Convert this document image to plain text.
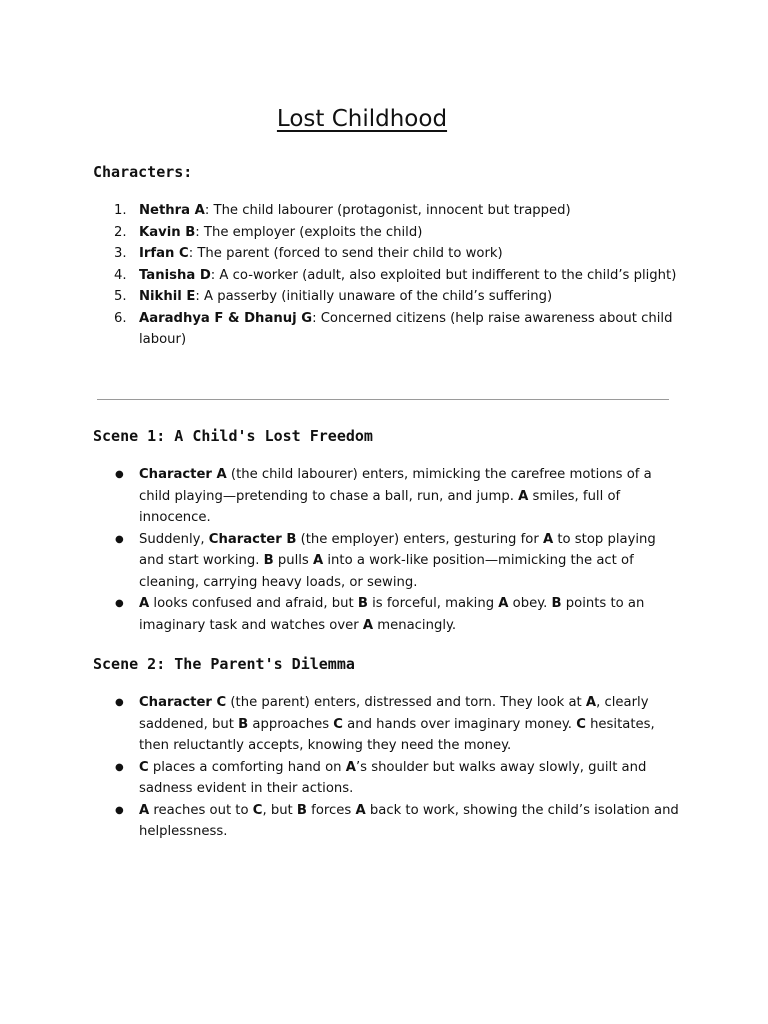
Lost Childhood
Characters:
1. Nethra A: The child labourer (protagonist, innocent but trapped)
2. Kavin B: The employer (exploits the child)
3. Irfan C: The parent (forced to send their child to work)
4. Tanisha D: A co-worker (adult, also exploited but indifferent to the child’s plight)
5. Nikhil E: A passerby (initially unaware of the child’s suffering)
6. Aaradhya F & Dhanuj G: Concerned citizens (help raise awareness about child labour)
Scene 1: A Child's Lost Freedom
● Character A (the child labourer) enters, mimicking the carefree motions of a child playing—pretending to chase a ball, run, and jump. A smiles, full of innocence.
● Suddenly, Character B (the employer) enters, gesturing for A to stop playing and start working. B pulls A into a work-like position—mimicking the act of cleaning, carrying heavy loads, or sewing.
● A looks confused and afraid, but B is forceful, making A obey. B points to an imaginary task and watches over A menacingly.
Scene 2: The Parent's Dilemma
● Character C (the parent) enters, distressed and torn. They look at A, clearly saddened, but B approaches C and hands over imaginary money. C hesitates, then reluctantly accepts, knowing they need the money.
● C places a comforting hand on A’s shoulder but walks away slowly, guilt and sadness evident in their actions.
● A reaches out to C, but B forces A back to work, showing the child’s isolation and helplessness.
